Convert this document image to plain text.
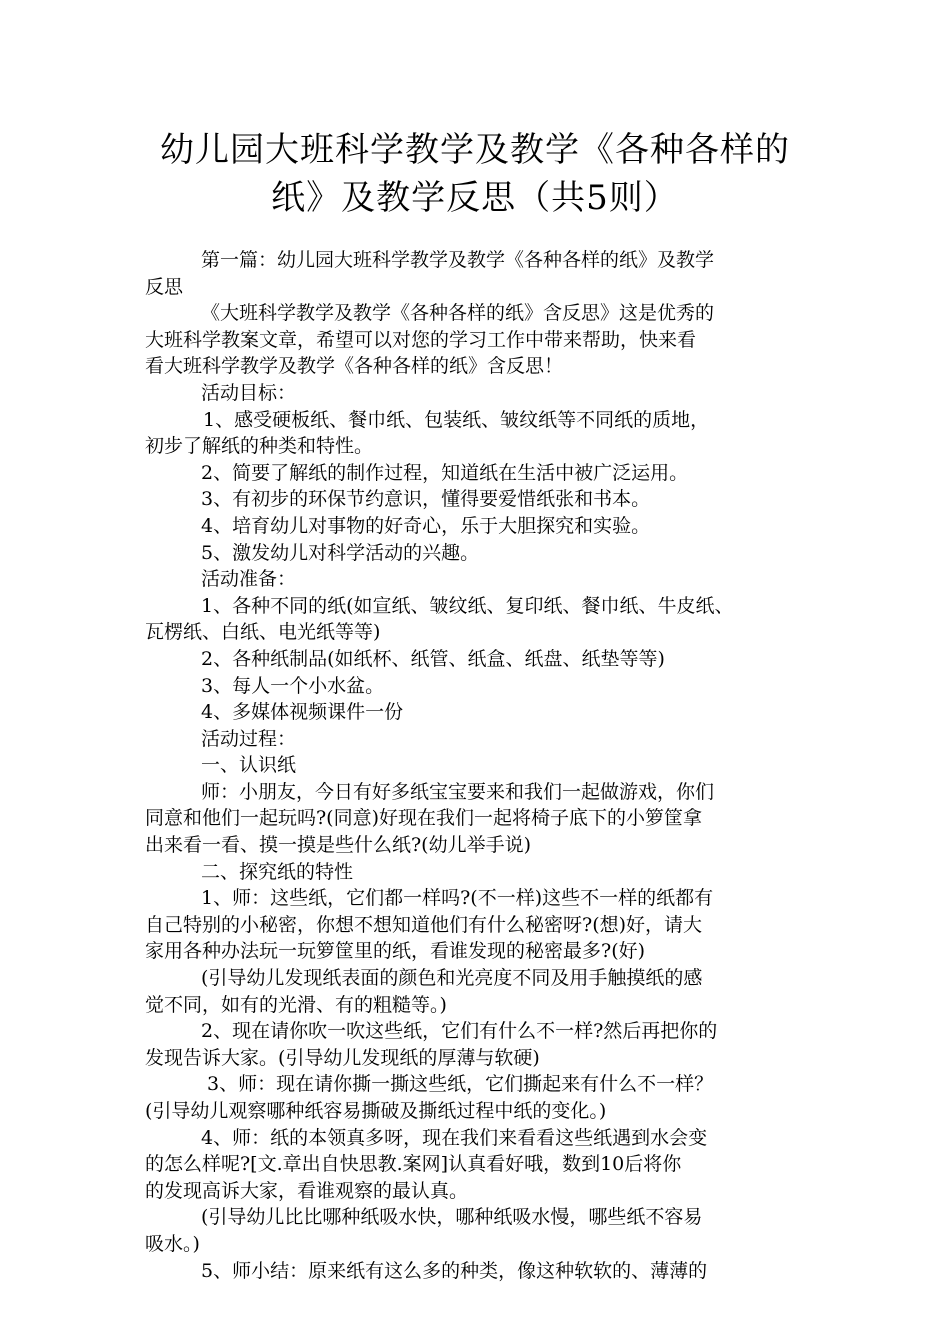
幼儿园大班科学教学及教学《各种各样的
纸》及教学反思（共5则）

第一篇：幼儿园大班科学教学及教学《各种各样的纸》及教学

反思

《大班科学教学及教学《各种各样的纸》含反思》这是优秀的

大班科学教案文章，希望可以对您的学习工作中带来帮助，快来看

看大班科学教学及教学《各种各样的纸》含反思！

活动目标：

1、感受硬板纸、餐巾纸、包装纸、皱纹纸等不同纸的质地，

初步了解纸的种类和特性。

2、简要了解纸的制作过程，知道纸在生活中被广泛运用。

3、有初步的环保节约意识，懂得要爱惜纸张和书本。

4、培育幼儿对事物的好奇心，乐于大胆探究和实验。

5、激发幼儿对科学活动的兴趣。

活动准备：

1、各种不同的纸(如宣纸、皱纹纸、复印纸、餐巾纸、牛皮纸、

瓦楞纸、白纸、电光纸等等)

2、各种纸制品(如纸杯、纸管、纸盒、纸盘、纸垫等等)

3、每人一个小水盆。

4、多媒体视频课件一份

活动过程：

一、认识纸

师：小朋友，今日有好多纸宝宝要来和我们一起做游戏，你们

同意和他们一起玩吗?(同意)好现在我们一起将椅子底下的小箩筐拿

出来看一看、摸一摸是些什么纸?(幼儿举手说)

二、探究纸的特性

1、师：这些纸，它们都一样吗?(不一样)这些不一样的纸都有

自己特别的小秘密，你想不想知道他们有什么秘密呀?(想)好，请大

家用各种办法玩一玩箩筐里的纸，看谁发现的秘密最多?(好)

(引导幼儿发现纸表面的颜色和光亮度不同及用手触摸纸的感

觉不同，如有的光滑、有的粗糙等。)

2、现在请你吹一吹这些纸，它们有什么不一样?然后再把你的

发现告诉大家。(引导幼儿发现纸的厚薄与软硬)

3、师：现在请你撕一撕这些纸，它们撕起来有什么不一样？

(引导幼儿观察哪种纸容易撕破及撕纸过程中纸的变化。)

4、师：纸的本领真多呀，现在我们来看看这些纸遇到水会变

的怎么样呢?[文.章出自快思教.案网]认真看好哦，数到10后将你

的发现高诉大家，看谁观察的最认真。

(引导幼儿比比哪种纸吸水快，哪种纸吸水慢，哪些纸不容易

吸水。)

5、师小结：原来纸有这么多的种类，像这种软软的、薄薄的
